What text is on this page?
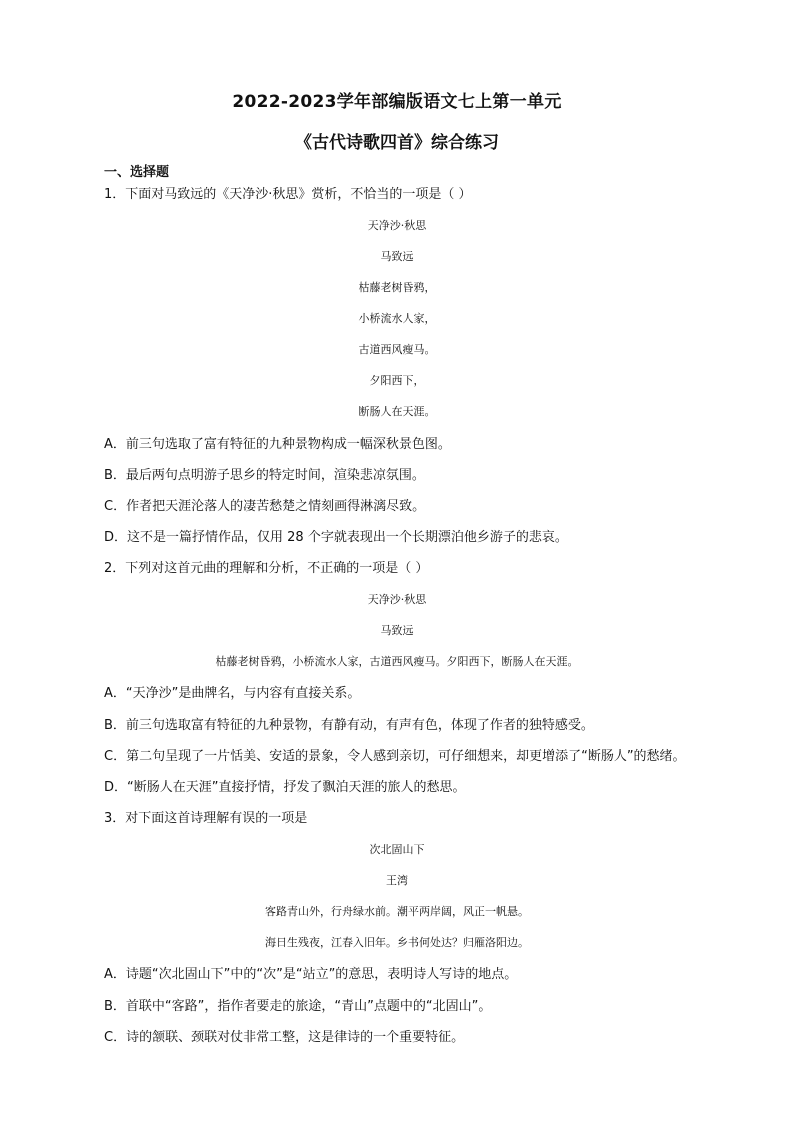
2022-2023学年部编版语文七上第一单元
《古代诗歌四首》综合练习
一、选择题
1．下面对马致远的《天净沙·秋思》赏析，不恰当的一项是（ ）
天净沙·秋思
马致远
枯藤老树昏鸦，
小桥流水人家，
古道西风瘦马。
夕阳西下，
断肠人在天涯。
A．前三句选取了富有特征的九种景物构成一幅深秋景色图。
B．最后两句点明游子思乡的特定时间，渲染悲凉氛围。
C．作者把天涯沦落人的凄苦愁楚之情刻画得淋漓尽致。
D．这不是一篇抒情作品，仅用 28 个字就表现出一个长期漂泊他乡游子的悲哀。
2．下列对这首元曲的理解和分析，不正确的一项是（ ）
天净沙·秋思
马致远
枯藤老树昏鸦，小桥流水人家，古道西风瘦马。夕阳西下，断肠人在天涯。
A．“天净沙”是曲牌名，与内容有直接关系。
B．前三句选取富有特征的九种景物，有静有动，有声有色，体现了作者的独特感受。
C．第二句呈现了一片恬美、安适的景象，令人感到亲切，可仔细想来，却更增添了“断肠人”的愁绪。
D．“断肠人在天涯”直接抒情，抒发了飘泊天涯的旅人的愁思。
3．对下面这首诗理解有误的一项是
次北固山下
王湾
客路青山外，行舟绿水前。潮平两岸阔，风正一帆悬。
海日生残夜，江春入旧年。乡书何处达？归雁洛阳边。
A．诗题“次北固山下”中的“次”是“站立”的意思，表明诗人写诗的地点。
B．首联中“客路”，指作者要走的旅途，“青山”点题中的“北固山”。
C．诗的颔联、颈联对仗非常工整，这是律诗的一个重要特征。
